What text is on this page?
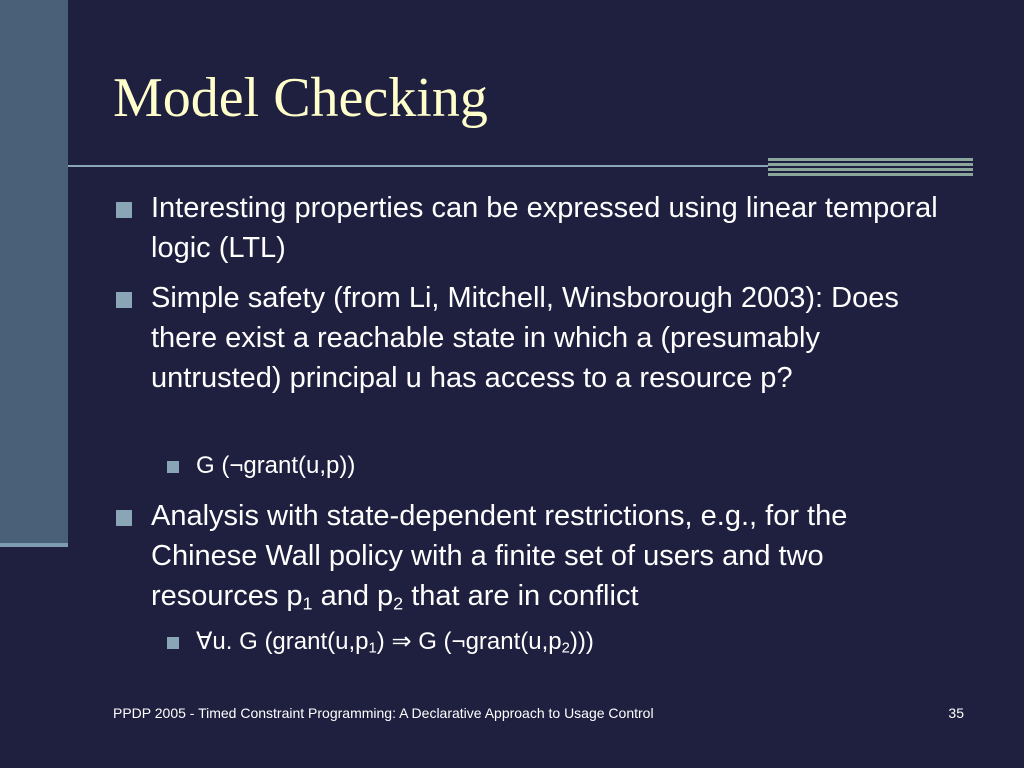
Model Checking
Interesting properties can be expressed using linear temporal logic (LTL)
Simple safety (from Li, Mitchell, Winsborough 2003): Does there exist a reachable state in which a (presumably untrusted) principal u has access to a resource p?
G (¬grant(u,p))
Analysis with state-dependent restrictions, e.g., for the Chinese Wall policy with a finite set of users and two resources $p_1$ and $p_2$ that are in conflict
∀u. G ($grant(u,p_1)$ ⇒ G $(\neg grant(u,p_2))$)
PPDP 2005 - Timed Constraint Programming: A Declarative Approach to Usage Control	35
